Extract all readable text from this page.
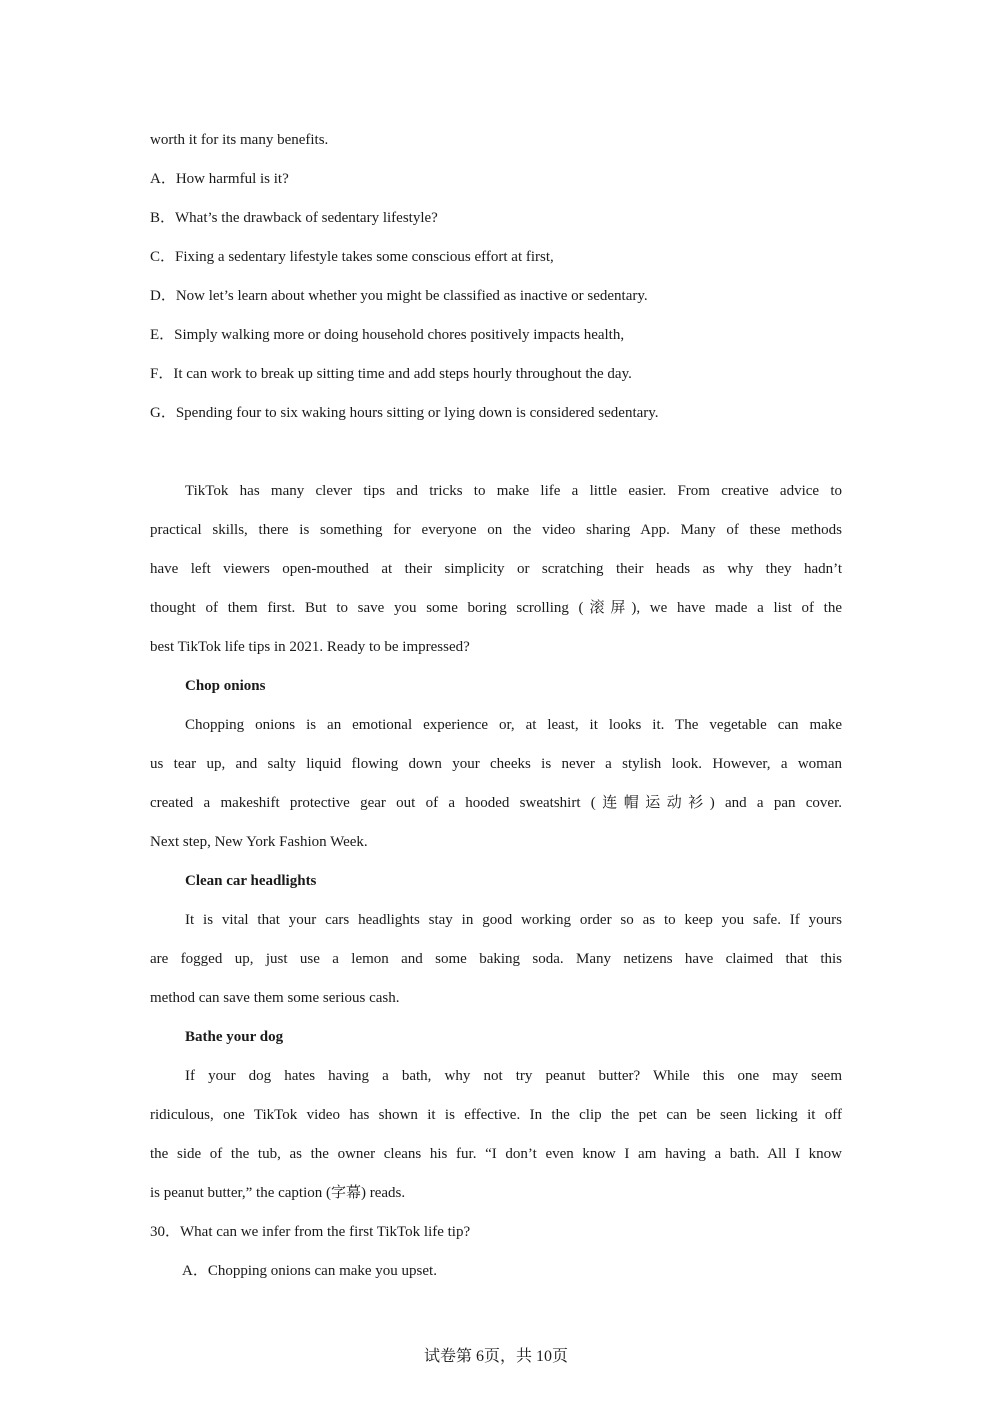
worth it for its many benefits.
A．How harmful is it?
B．What’s the drawback of sedentary lifestyle?
C．Fixing a sedentary lifestyle takes some conscious effort at first,
D．Now let’s learn about whether you might be classified as inactive or sedentary.
E．Simply walking more or doing household chores positively impacts health,
F．It can work to break up sitting time and add steps hourly throughout the day.
G．Spending four to six waking hours sitting or lying down is considered sedentary.
TikTok has many clever tips and tricks to make life a little easier. From creative advice to
practical skills, there is something for everyone on the video sharing App. Many of these methods
have left viewers open-mouthed at their simplicity or scratching their heads as why they hadn’t
thought of them first. But to save you some boring scrolling (滚屏), we have made a list of the
best TikTok life tips in 2021. Ready to be impressed?
Chop onions
Chopping onions is an emotional experience or, at least, it looks it. The vegetable can make
us tear up, and salty liquid flowing down your cheeks is never a stylish look. However, a woman
created a makeshift protective gear out of a hooded sweatshirt (连帽运动衫) and a pan cover.
Next step, New York Fashion Week.
Clean car headlights
It is vital that your cars headlights stay in good working order so as to keep you safe. If yours
are fogged up, just use a lemon and some baking soda. Many netizens have claimed that this
method can save them some serious cash.
Bathe your dog
If your dog hates having a bath, why not try peanut butter? While this one may seem
ridiculous, one TikTok video has shown it is effective. In the clip the pet can be seen licking it off
the side of the tub, as the owner cleans his fur. “I don’t even know I am having a bath. All I know
is peanut butter,” the caption (字幕) reads.
30．What can we infer from the first TikTok life tip?
A．Chopping onions can make you upset.
试卷第 6页，共 10页
